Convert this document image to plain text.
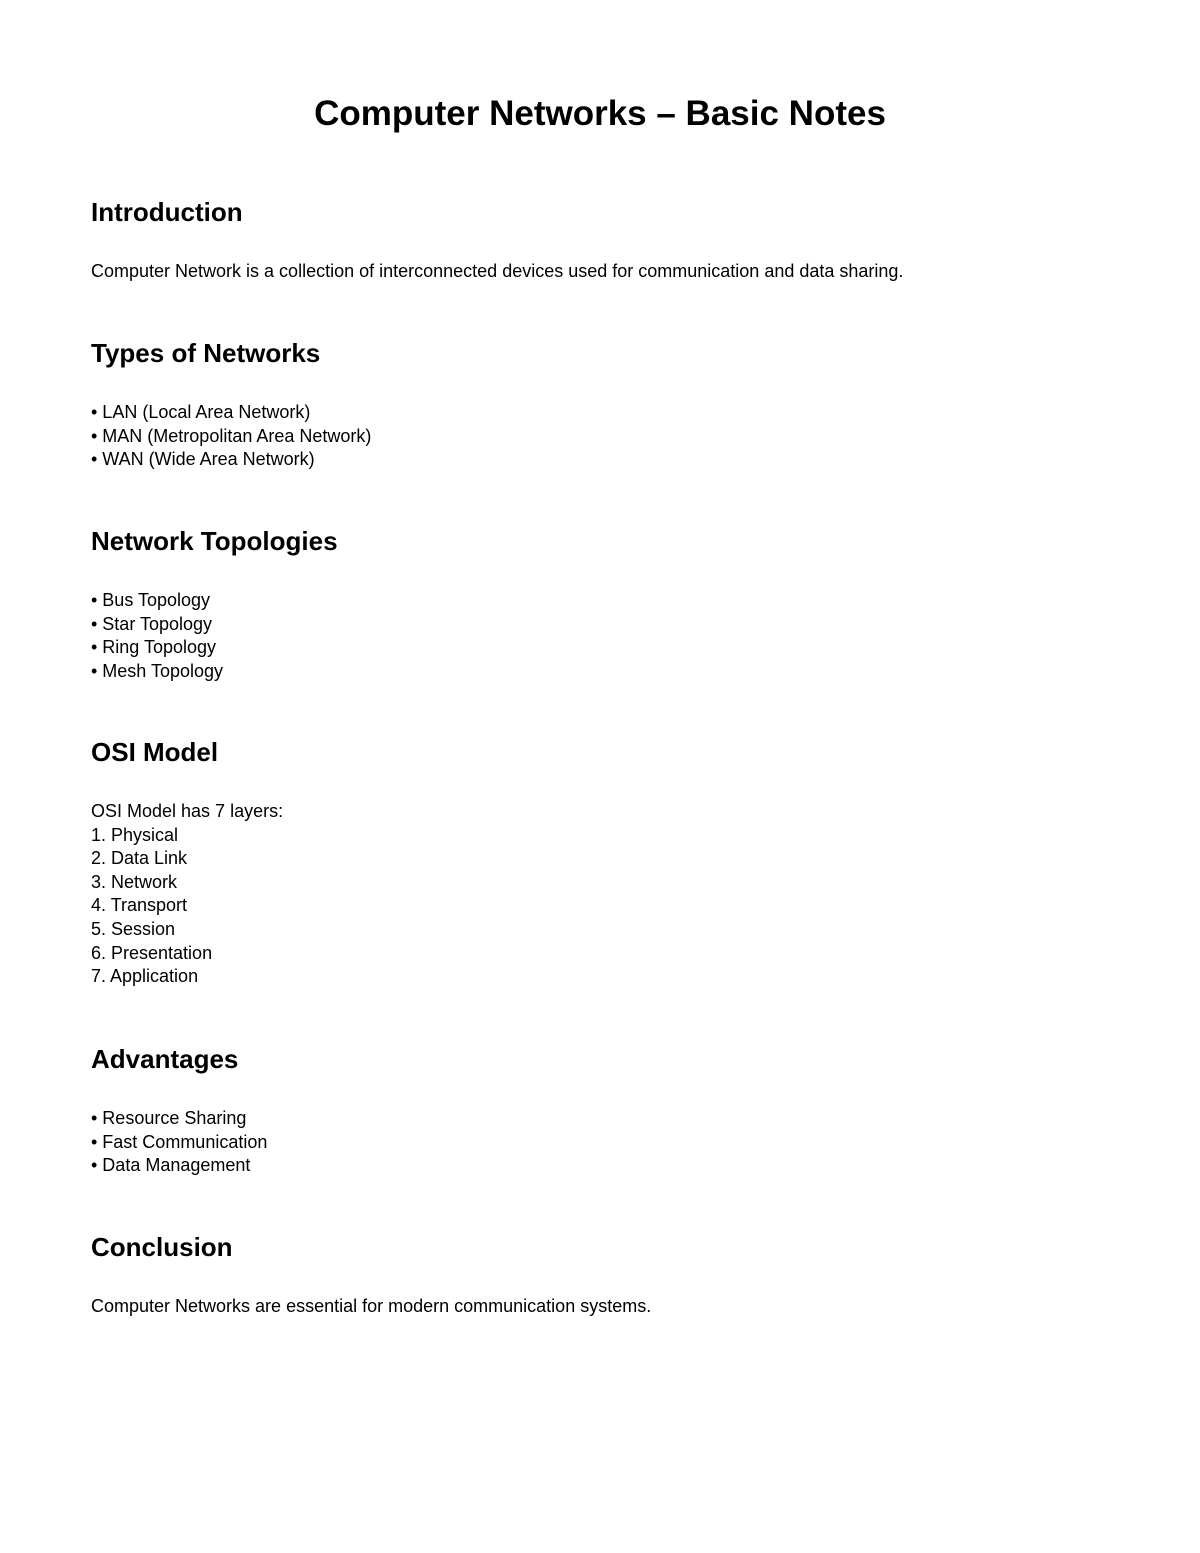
Computer Networks – Basic Notes
Introduction

Computer Network is a collection of interconnected devices used for communication and data sharing.

Types of Networks
• LAN (Local Area Network)
• MAN (Metropolitan Area Network)
• WAN (Wide Area Network)
Network Topologies
• Bus Topology
• Star Topology
• Ring Topology
• Mesh Topology
OSI Model
OSI Model has 7 layers:
1. Physical
2. Data Link
3. Network
4. Transport
5. Session
6. Presentation
7. Application
Advantages
• Resource Sharing
• Fast Communication
• Data Management
Conclusion

Computer Networks are essential for modern communication systems.
